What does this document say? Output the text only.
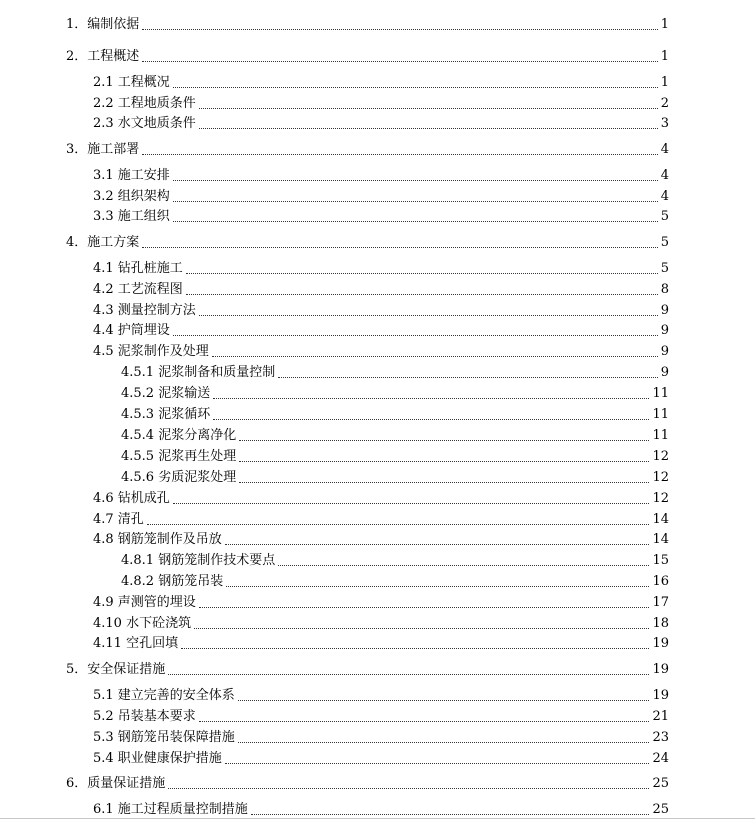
1．编制依据	1
2．工程概述	1
2.1 工程概况	1
2.2 工程地质条件	2
2.3 水文地质条件	3
3．施工部署	4
3.1 施工安排	4
3.2 组织架构	4
3.3 施工组织	5
4．施工方案	5
4.1 钻孔桩施工	5
4.2 工艺流程图	8
4.3 测量控制方法	9
4.4 护筒埋设	9
4.5 泥浆制作及处理	9
4.5.1 泥浆制备和质量控制	9
4.5.2 泥浆输送	11
4.5.3 泥浆循环	11
4.5.4 泥浆分离净化	11
4.5.5 泥浆再生处理	12
4.5.6 劣质泥浆处理	12
4.6 钻机成孔	12
4.7 清孔	14
4.8 钢筋笼制作及吊放	14
4.8.1 钢筋笼制作技术要点	15
4.8.2 钢筋笼吊装	16
4.9 声测管的埋设	17
4.10 水下砼浇筑	18
4.11 空孔回填	19
5．安全保证措施	19
5.1 建立完善的安全体系	19
5.2 吊装基本要求	21
5.3 钢筋笼吊装保障措施	23
5.4 职业健康保护措施	24
6．质量保证措施	25
6.1 施工过程质量控制措施	25
